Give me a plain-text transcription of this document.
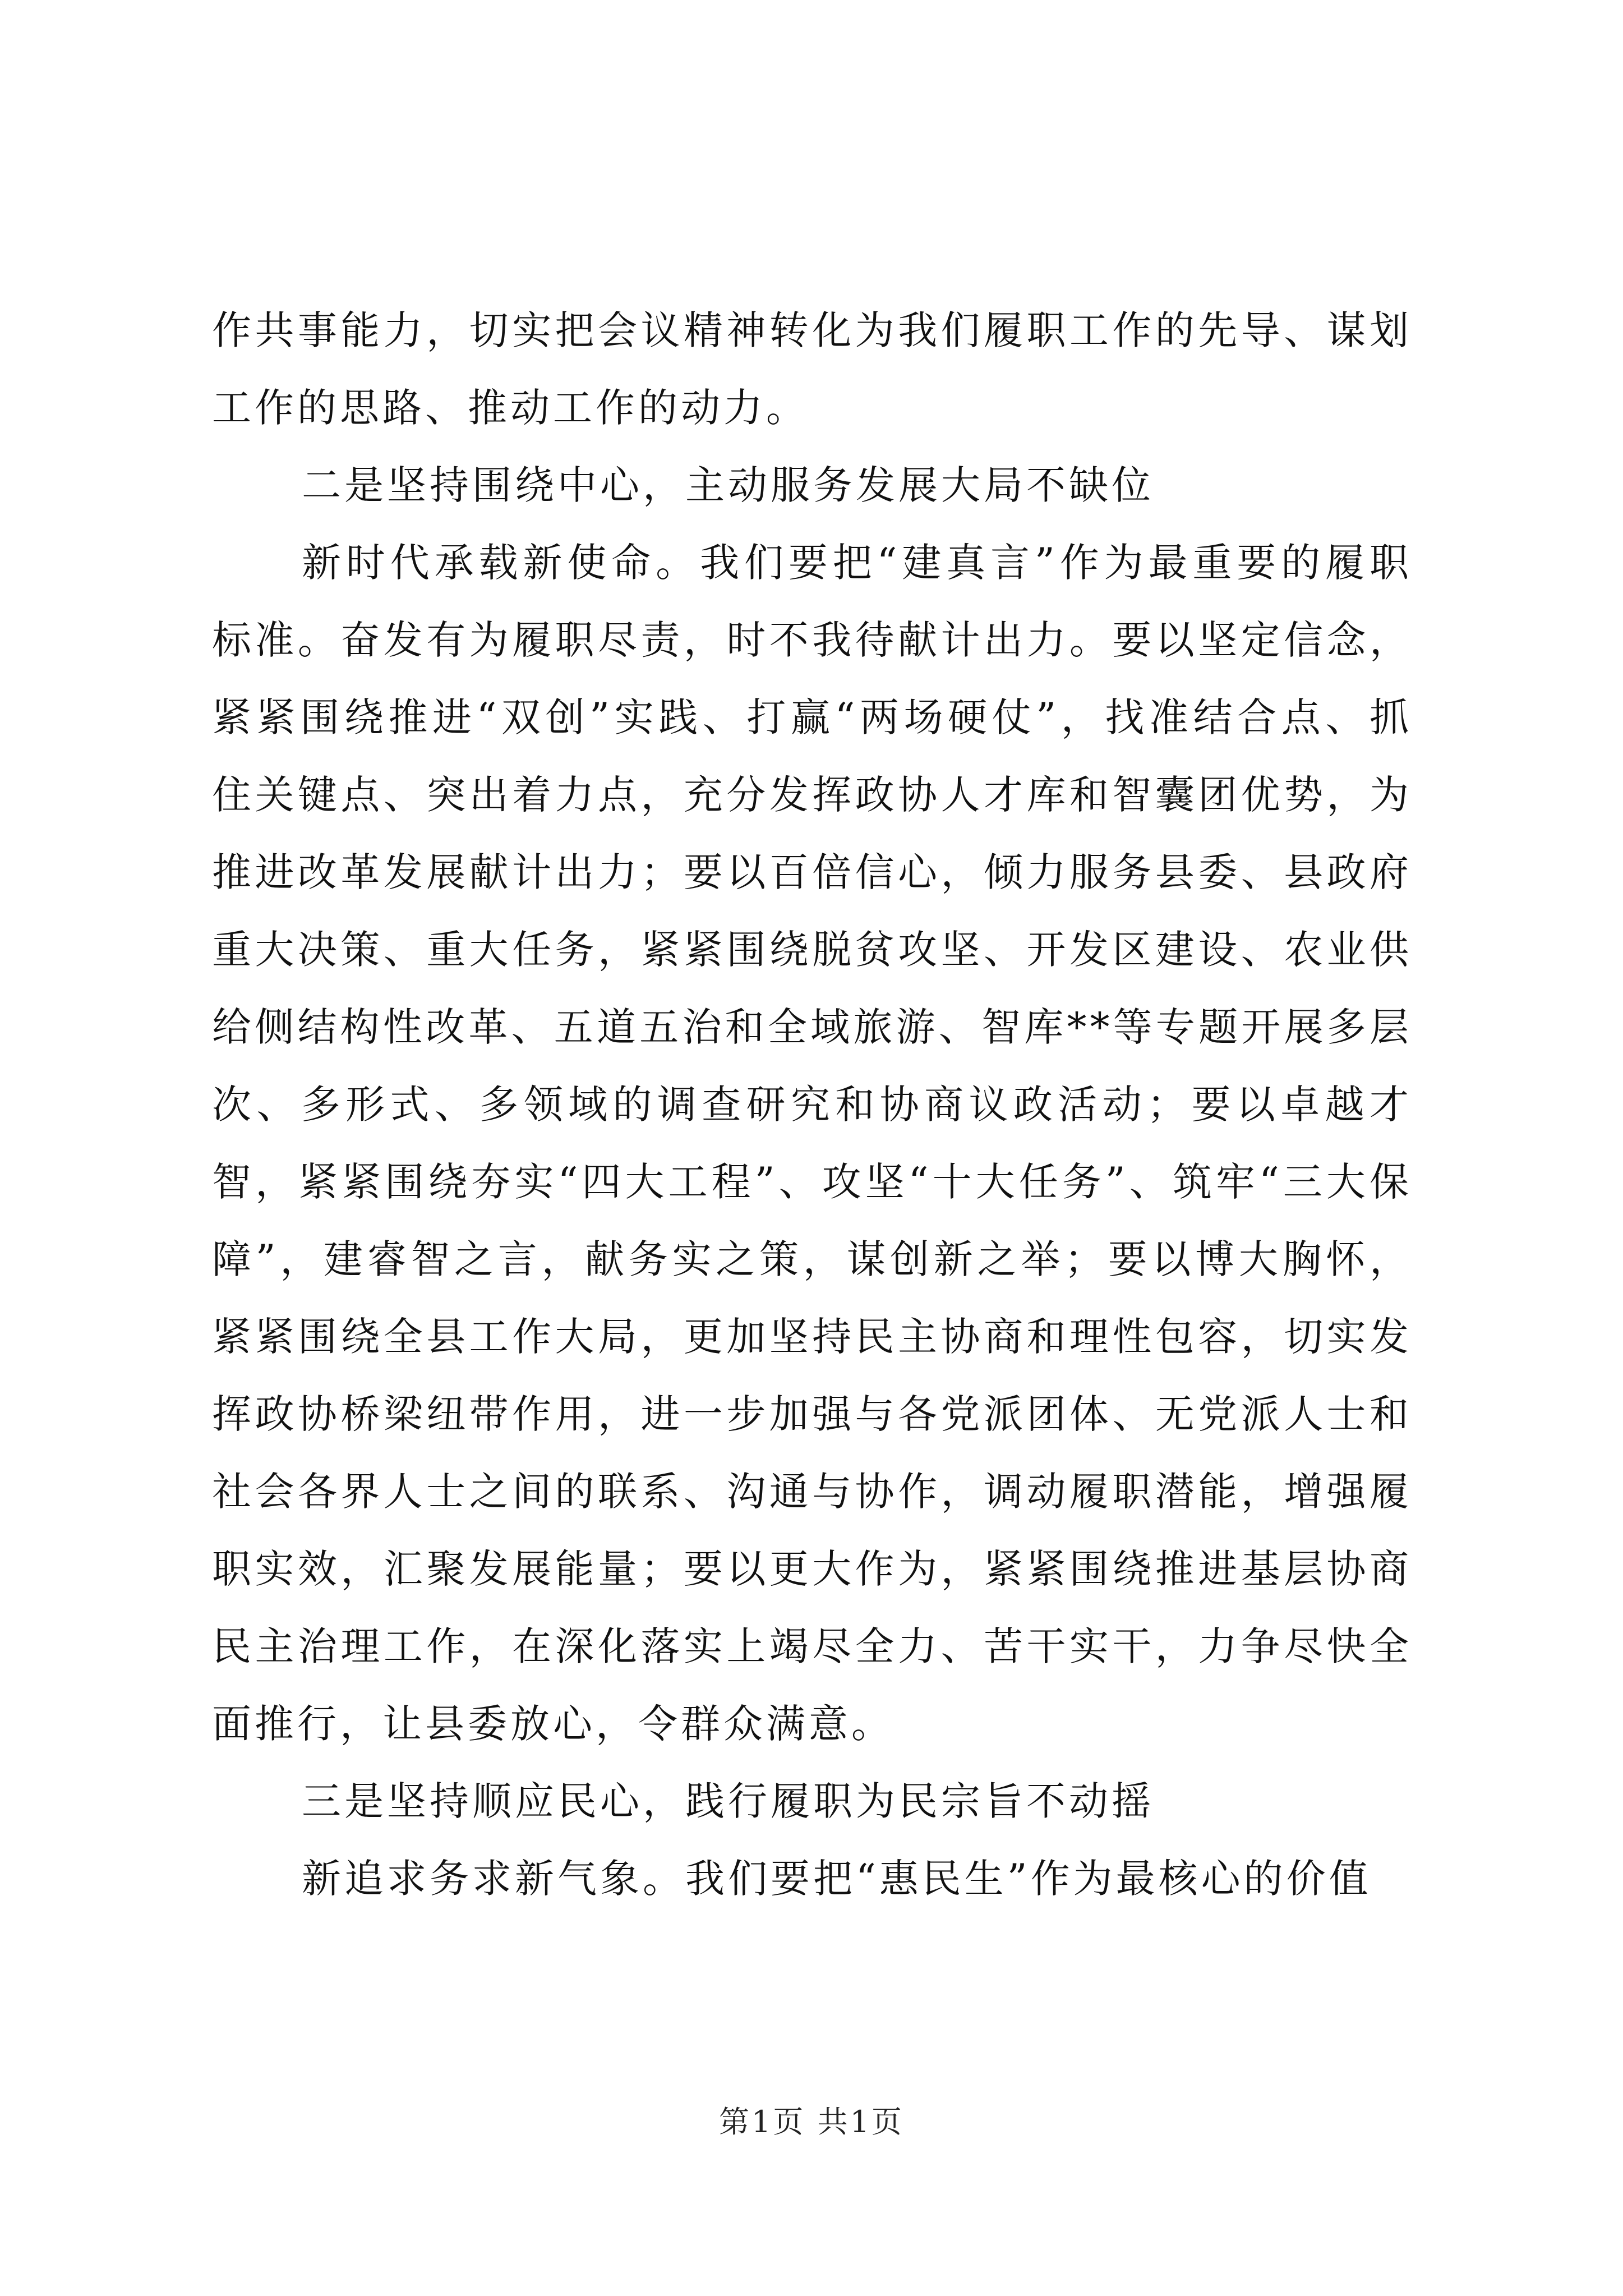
作共事能力，切实把会议精神转化为我们履职工作的先导、谋划工作的思路、推动工作的动力。

二是坚持围绕中心，主动服务发展大局不缺位

新时代承载新使命。我们要把“建真言”作为最重要的履职标准。奋发有为履职尽责，时不我待献计出力。要以坚定信念，紧紧围绕推进“双创”实践、打赢“两场硬仗”，找准结合点、抓住关键点、突出着力点，充分发挥政协人才库和智囊团优势，为推进改革发展献计出力；要以百倍信心，倾力服务县委、县政府重大决策、重大任务，紧紧围绕脱贫攻坚、开发区建设、农业供给侧结构性改革、五道五治和全域旅游、智库**等专题开展多层次、多形式、多领域的调查研究和协商议政活动；要以卓越才智，紧紧围绕夯实“四大工程”、攻坚“十大任务”、筑牢“三大保障”，建睿智之言，献务实之策，谋创新之举；要以博大胸怀，紧紧围绕全县工作大局，更加坚持民主协商和理性包容，切实发挥政协桥梁纽带作用，进一步加强与各党派团体、无党派人士和社会各界人士之间的联系、沟通与协作，调动履职潜能，增强履职实效，汇聚发展能量；要以更大作为，紧紧围绕推进基层协商民主治理工作，在深化落实上竭尽全力、苦干实干，力争尽快全面推行，让县委放心，令群众满意。

三是坚持顺应民心，践行履职为民宗旨不动摇

新追求务求新气象。我们要把“惠民生”作为最核心的价值

第1页 共1页
